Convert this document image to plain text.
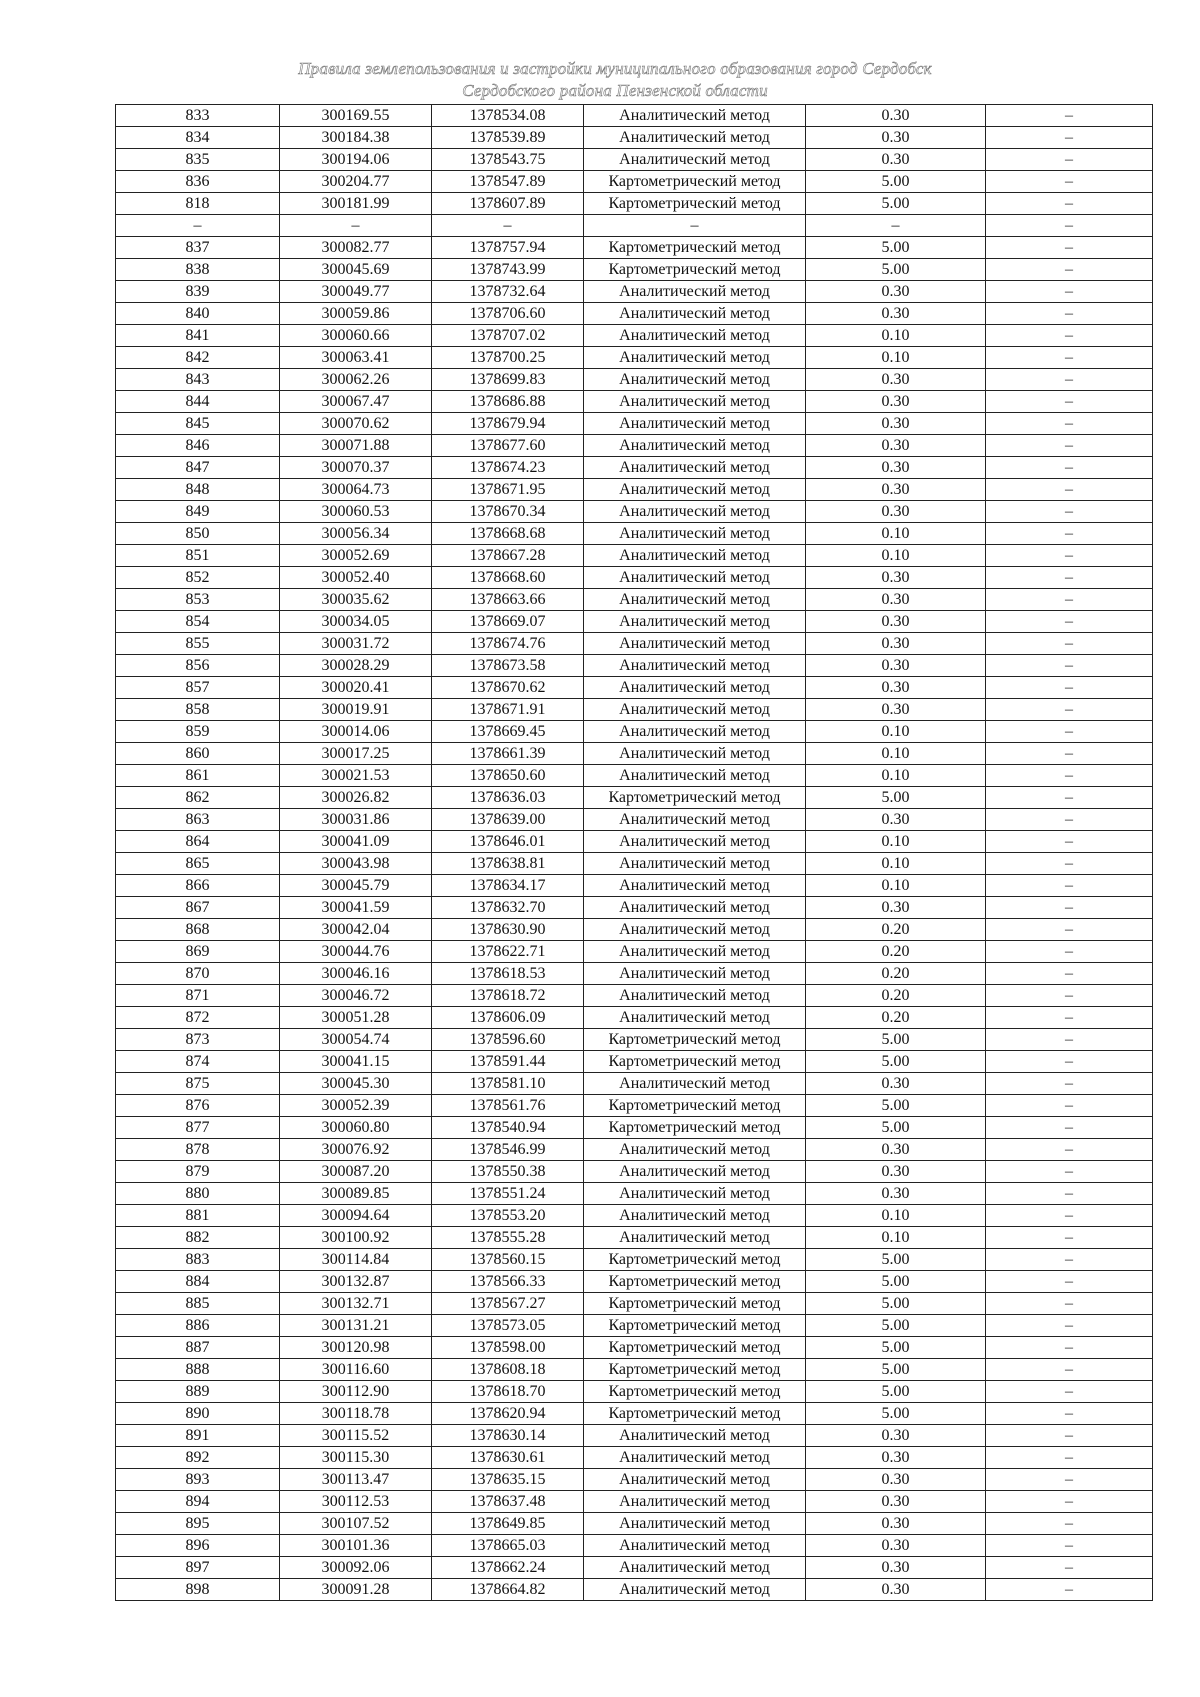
Правила землепользования и застройки муниципального образования город Сердобск
Сердобского района Пензенской области
833	300169.55	1378534.08	Аналитический метод	0.30	–
834	300184.38	1378539.89	Аналитический метод	0.30	–
835	300194.06	1378543.75	Аналитический метод	0.30	–
836	300204.77	1378547.89	Картометрический метод	5.00	–
818	300181.99	1378607.89	Картометрический метод	5.00	–
–	–	–	–	–	–
837	300082.77	1378757.94	Картометрический метод	5.00	–
838	300045.69	1378743.99	Картометрический метод	5.00	–
839	300049.77	1378732.64	Аналитический метод	0.30	–
840	300059.86	1378706.60	Аналитический метод	0.30	–
841	300060.66	1378707.02	Аналитический метод	0.10	–
842	300063.41	1378700.25	Аналитический метод	0.10	–
843	300062.26	1378699.83	Аналитический метод	0.30	–
844	300067.47	1378686.88	Аналитический метод	0.30	–
845	300070.62	1378679.94	Аналитический метод	0.30	–
846	300071.88	1378677.60	Аналитический метод	0.30	–
847	300070.37	1378674.23	Аналитический метод	0.30	–
848	300064.73	1378671.95	Аналитический метод	0.30	–
849	300060.53	1378670.34	Аналитический метод	0.30	–
850	300056.34	1378668.68	Аналитический метод	0.10	–
851	300052.69	1378667.28	Аналитический метод	0.10	–
852	300052.40	1378668.60	Аналитический метод	0.30	–
853	300035.62	1378663.66	Аналитический метод	0.30	–
854	300034.05	1378669.07	Аналитический метод	0.30	–
855	300031.72	1378674.76	Аналитический метод	0.30	–
856	300028.29	1378673.58	Аналитический метод	0.30	–
857	300020.41	1378670.62	Аналитический метод	0.30	–
858	300019.91	1378671.91	Аналитический метод	0.30	–
859	300014.06	1378669.45	Аналитический метод	0.10	–
860	300017.25	1378661.39	Аналитический метод	0.10	–
861	300021.53	1378650.60	Аналитический метод	0.10	–
862	300026.82	1378636.03	Картометрический метод	5.00	–
863	300031.86	1378639.00	Аналитический метод	0.30	–
864	300041.09	1378646.01	Аналитический метод	0.10	–
865	300043.98	1378638.81	Аналитический метод	0.10	–
866	300045.79	1378634.17	Аналитический метод	0.10	–
867	300041.59	1378632.70	Аналитический метод	0.30	–
868	300042.04	1378630.90	Аналитический метод	0.20	–
869	300044.76	1378622.71	Аналитический метод	0.20	–
870	300046.16	1378618.53	Аналитический метод	0.20	–
871	300046.72	1378618.72	Аналитический метод	0.20	–
872	300051.28	1378606.09	Аналитический метод	0.20	–
873	300054.74	1378596.60	Картометрический метод	5.00	–
874	300041.15	1378591.44	Картометрический метод	5.00	–
875	300045.30	1378581.10	Аналитический метод	0.30	–
876	300052.39	1378561.76	Картометрический метод	5.00	–
877	300060.80	1378540.94	Картометрический метод	5.00	–
878	300076.92	1378546.99	Аналитический метод	0.30	–
879	300087.20	1378550.38	Аналитический метод	0.30	–
880	300089.85	1378551.24	Аналитический метод	0.30	–
881	300094.64	1378553.20	Аналитический метод	0.10	–
882	300100.92	1378555.28	Аналитический метод	0.10	–
883	300114.84	1378560.15	Картометрический метод	5.00	–
884	300132.87	1378566.33	Картометрический метод	5.00	–
885	300132.71	1378567.27	Картометрический метод	5.00	–
886	300131.21	1378573.05	Картометрический метод	5.00	–
887	300120.98	1378598.00	Картометрический метод	5.00	–
888	300116.60	1378608.18	Картометрический метод	5.00	–
889	300112.90	1378618.70	Картометрический метод	5.00	–
890	300118.78	1378620.94	Картометрический метод	5.00	–
891	300115.52	1378630.14	Аналитический метод	0.30	–
892	300115.30	1378630.61	Аналитический метод	0.30	–
893	300113.47	1378635.15	Аналитический метод	0.30	–
894	300112.53	1378637.48	Аналитический метод	0.30	–
895	300107.52	1378649.85	Аналитический метод	0.30	–
896	300101.36	1378665.03	Аналитический метод	0.30	–
897	300092.06	1378662.24	Аналитический метод	0.30	–
898	300091.28	1378664.82	Аналитический метод	0.30	–
